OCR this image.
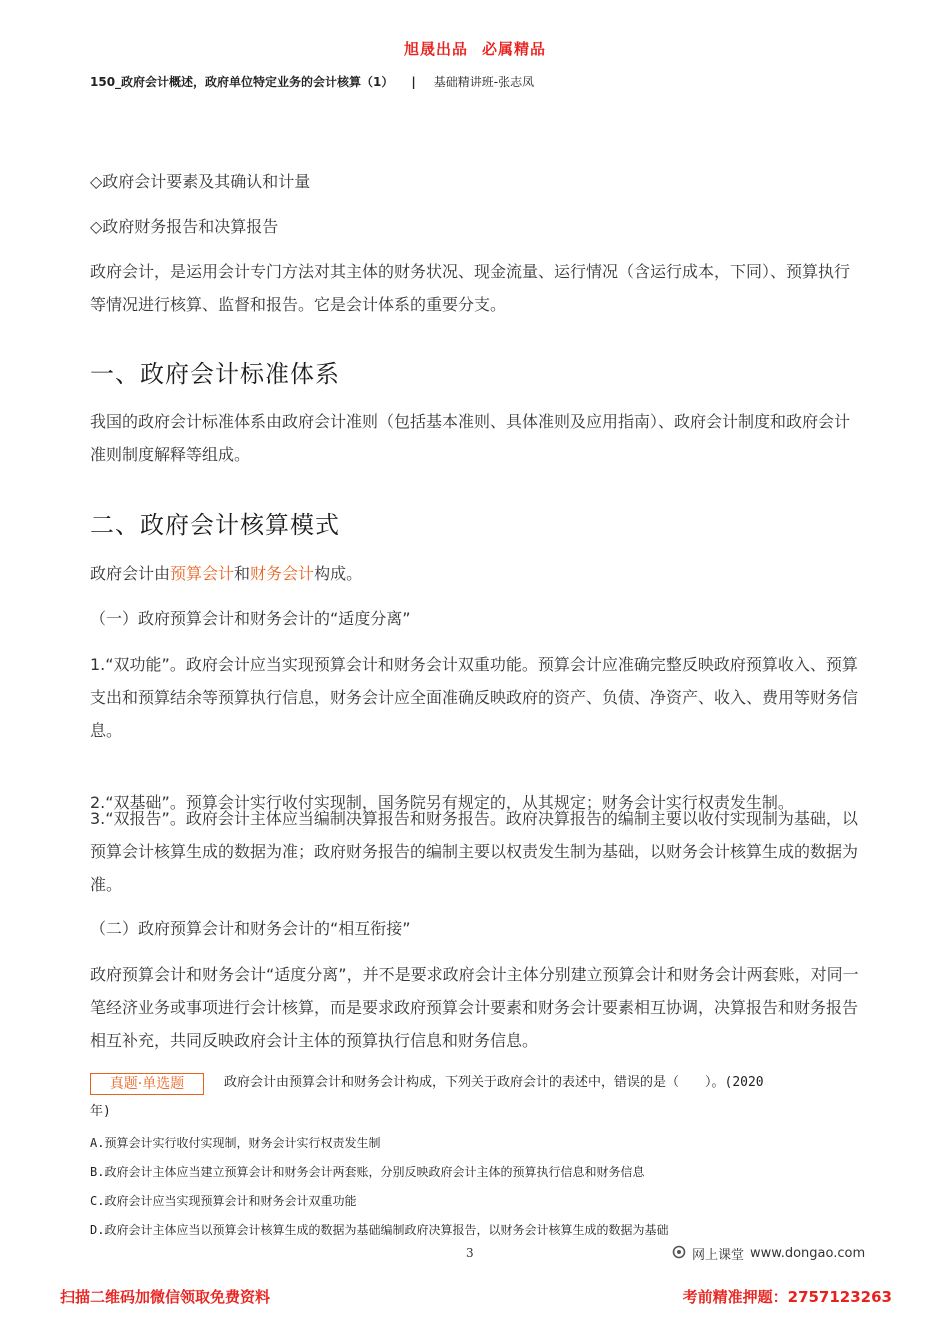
旭晟出品 必属精品
150_政府会计概述，政府单位特定业务的会计核算（1） | 基础精讲班-张志凤
◇政府会计要素及其确认和计量
◇政府财务报告和决算报告
政府会计，是运用会计专门方法对其主体的财务状况、现金流量、运行情况（含运行成本，下同）、预算执行等情况进行核算、监督和报告。它是会计体系的重要分支。
一、政府会计标准体系
我国的政府会计标准体系由政府会计准则（包括基本准则、具体准则及应用指南）、政府会计制度和政府会计准则制度解释等组成。
二、政府会计核算模式
政府会计由预算会计和财务会计构成。
（一）政府预算会计和财务会计的“适度分离”
1.“双功能”。政府会计应当实现预算会计和财务会计双重功能。预算会计应准确完整反映政府预算收入、预算支出和预算结余等预算执行信息，财务会计应全面准确反映政府的资产、负债、净资产、收入、费用等财务信息。
2.“双基础”。预算会计实行收付实现制，国务院另有规定的，从其规定；财务会计实行权责发生制。
3.“双报告”。政府会计主体应当编制决算报告和财务报告。政府决算报告的编制主要以收付实现制为基础，以预算会计核算生成的数据为准；政府财务报告的编制主要以权责发生制为基础，以财务会计核算生成的数据为准。
（二）政府预算会计和财务会计的“相互衔接”
政府预算会计和财务会计“适度分离”，并不是要求政府会计主体分别建立预算会计和财务会计两套账，对同一笔经济业务或事项进行会计核算，而是要求政府预算会计要素和财务会计要素相互协调，决算报告和财务报告相互补充，共同反映政府会计主体的预算执行信息和财务信息。
真题·单选题	政府会计由预算会计和财务会计构成，下列关于政府会计的表述中，错误的是（　　）。(2020
年)
A.预算会计实行收付实现制，财务会计实行权责发生制
B.政府会计主体应当建立预算会计和财务会计两套账，分别反映政府会计主体的预算执行信息和财务信息
C.政府会计应当实现预算会计和财务会计双重功能
D.政府会计主体应当以预算会计核算生成的数据为基础编制政府决算报告，以财务会计核算生成的数据为基础
3	网上课堂 www.dongao.com
扫描二维码加微信领取免费资料	考前精准押题：2757123263
